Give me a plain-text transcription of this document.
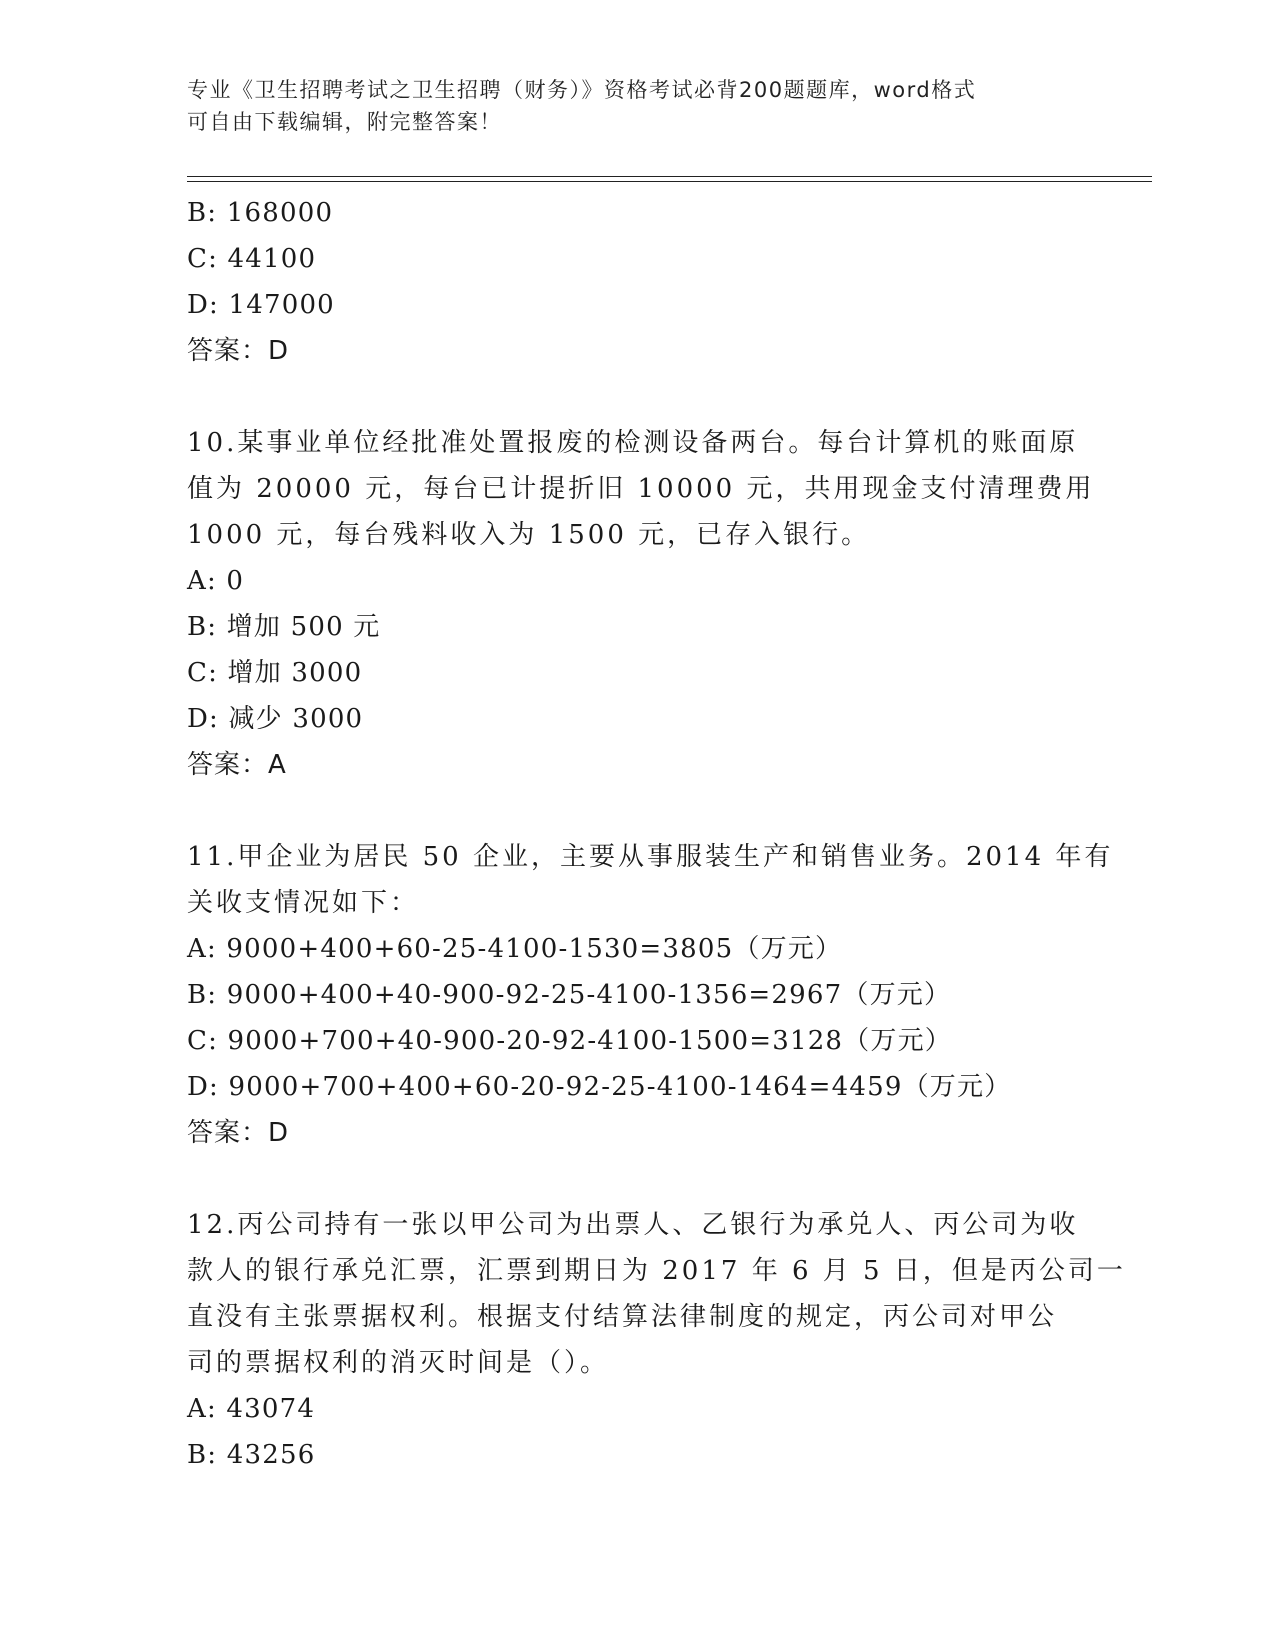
专业《卫生招聘考试之卫生招聘（财务）》资格考试必背200题题库，word格式
可自由下载编辑，附完整答案！
B: 168000
C: 44100
D: 147000
答案：D
10.某事业单位经批准处置报废的检测设备两台。每台计算机的账面原
值为 20000 元，每台已计提折旧 10000 元，共用现金支付清理费用
1000 元，每台残料收入为 1500 元，已存入银行。
A: 0
B: 增加 500 元
C: 增加 3000
D: 减少 3000
答案：A
11.甲企业为居民 50 企业，主要从事服装生产和销售业务。2014 年有
关收支情况如下：
A: 9000+400+60-25-4100-1530=3805（万元）
B: 9000+400+40-900-92-25-4100-1356=2967（万元）
C: 9000+700+40-900-20-92-4100-1500=3128（万元）
D: 9000+700+400+60-20-92-25-4100-1464=4459（万元）
答案：D
12.丙公司持有一张以甲公司为出票人、乙银行为承兑人、丙公司为收
款人的银行承兑汇票，汇票到期日为 2017 年 6 月 5 日，但是丙公司一
直没有主张票据权利。根据支付结算法律制度的规定，丙公司对甲公
司的票据权利的消灭时间是（）。
A: 43074
B: 43256
